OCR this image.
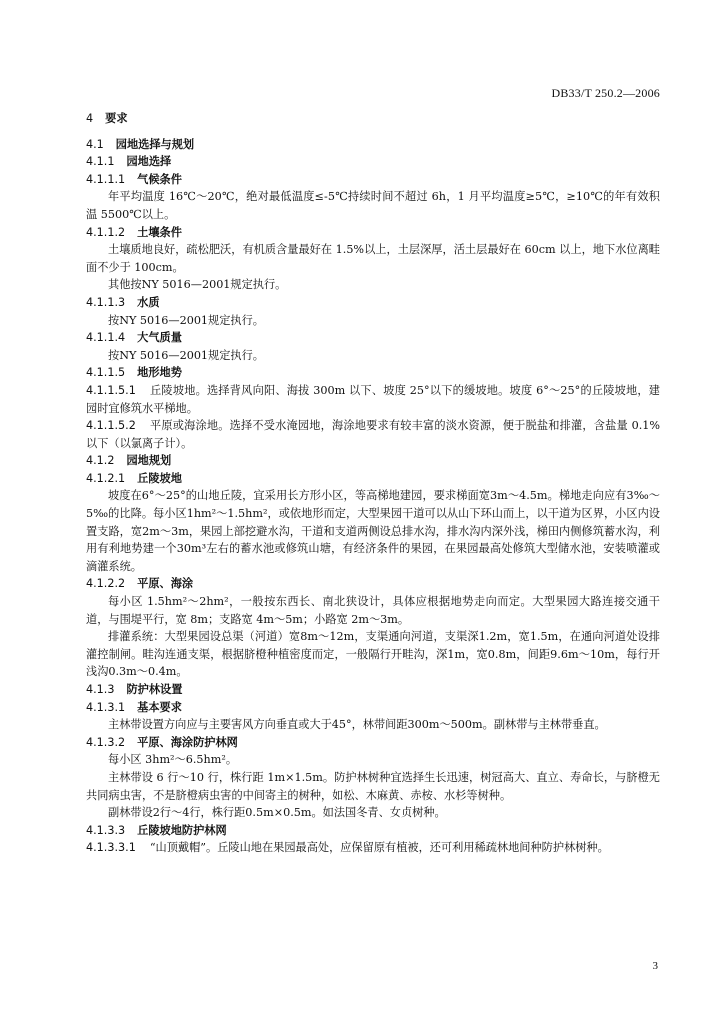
DB33/T 250.2—2006
4 要求
4.1 园地选择与规划
4.1.1 园地选择
4.1.1.1 气候条件
年平均温度 16℃～20℃，绝对最低温度≤-5℃持续时间不超过 6h，1 月平均温度≥5℃，≥10℃的年有效积温 5500℃以上。
4.1.1.2 土壤条件
土壤质地良好，疏松肥沃，有机质含量最好在 1.5%以上，土层深厚，活土层最好在 60cm 以上，地下水位离畦面不少于 100cm。
其他按NY 5016—2001规定执行。
4.1.1.3 水质
按NY 5016—2001规定执行。
4.1.1.4 大气质量
按NY 5016—2001规定执行。
4.1.1.5 地形地势
4.1.1.5.1 丘陵坡地。选择背风向阳、海拔 300m 以下、坡度 25°以下的缓坡地。坡度 6°～25°的丘陵坡地，建园时宜修筑水平梯地。
4.1.1.5.2 平原或海涂地。选择不受水淹园地，海涂地要求有较丰富的淡水资源，便于脱盐和排灌，含盐量 0.1%以下（以氯离子计）。
4.1.2 园地规划
4.1.2.1 丘陵坡地
坡度在6°～25°的山地丘陵，宜采用长方形小区，等高梯地建园，要求梯面宽3m～4.5m。梯地走向应有3‰～5‰的比降。每小区1hm²～1.5hm²，或依地形而定，大型果园干道可以从山下环山而上，以干道为区界，小区内设置支路，宽2m～3m，果园上部挖避水沟，干道和支道两侧设总排水沟，排水沟内深外浅，梯田内侧修筑蓄水沟，利用有利地势建一个30m³左右的蓄水池或修筑山塘，有经济条件的果园，在果园最高处修筑大型储水池，安装喷灌或滴灌系统。
4.1.2.2 平原、海涂
每小区 1.5hm²～2hm²，一般按东西长、南北狭设计，具体应根据地势走向而定。大型果园大路连接交通干道，与围堤平行，宽 8m；支路宽 4m～5m；小路宽 2m～3m。
排灌系统：大型果园设总渠（河道）宽8m～12m，支渠通向河道，支渠深1.2m，宽1.5m，在通向河道处设排灌控制闸。畦沟连通支渠，根据脐橙种植密度而定，一般隔行开畦沟，深1m，宽0.8m，间距9.6m～10m，每行开浅沟0.3m～0.4m。
4.1.3 防护林设置
4.1.3.1 基本要求
主林带设置方向应与主要害风方向垂直或大于45°，林带间距300m～500m。副林带与主林带垂直。
4.1.3.2 平原、海涂防护林网
每小区 3hm²～6.5hm²。
主林带设 6 行～10 行，株行距 1m×1.5m。防护林树种宜选择生长迅速，树冠高大、直立、寿命长，与脐橙无共同病虫害，不是脐橙病虫害的中间寄主的树种，如松、木麻黄、赤桉、水杉等树种。
副林带设2行～4行，株行距0.5m×0.5m。如法国冬青、女贞树种。
4.1.3.3 丘陵坡地防护林网
4.1.3.3.1 “山顶戴帽”。丘陵山地在果园最高处，应保留原有植被，还可利用稀疏林地间种防护林树种。
3
